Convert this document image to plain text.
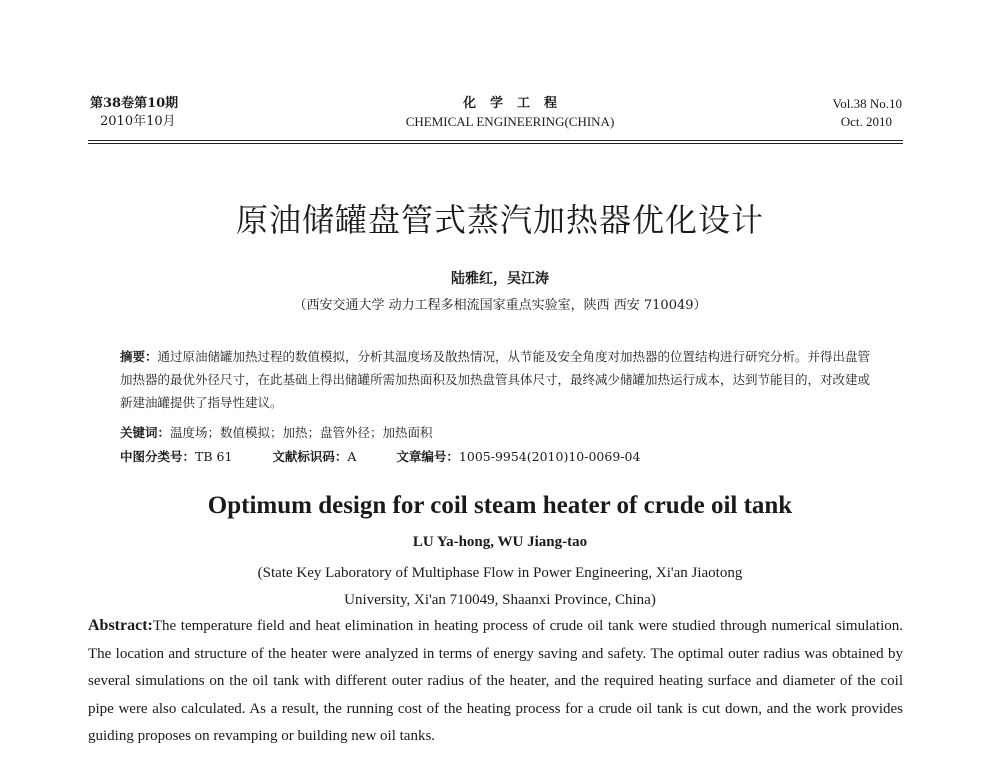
第38卷第10期
2010年10月
化学工程
CHEMICAL ENGINEERING(CHINA)
Vol.38 No.10
Oct. 2010
原油储罐盘管式蒸汽加热器优化设计
陆雅红，吴江涛
（西安交通大学 动力工程多相流国家重点实验室，陕西 西安 710049）
摘要：通过原油储罐加热过程的数值模拟，分析其温度场及散热情况，从节能及安全角度对加热器的位置结构进行研究分析。并得出盘管加热器的最优外径尺寸，在此基础上得出储罐所需加热面积及加热盘管具体尺寸，最终减少储罐加热运行成本，达到节能目的，对改建或新建油罐提供了指导性建议。
关键词：温度场；数值模拟；加热；盘管外径；加热面积
中图分类号：TB 61	文献标识码：A	文章编号：1005-9954(2010)10-0069-04
Optimum design for coil steam heater of crude oil tank
LU Ya-hong, WU Jiang-tao
(State Key Laboratory of Multiphase Flow in Power Engineering, Xi'an Jiaotong
University, Xi'an 710049, Shaanxi Province, China)
Abstract:The temperature field and heat elimination in heating process of crude oil tank were studied through numerical simulation. The location and structure of the heater were analyzed in terms of energy saving and safety. The optimal outer radius was obtained by several simulations on the oil tank with different outer radius of the heater, and the required heating surface and diameter of the coil pipe were also calculated. As a result, the running cost of the heating process for a crude oil tank is cut down, and the work provides guiding proposes on revamping or building new oil tanks.
